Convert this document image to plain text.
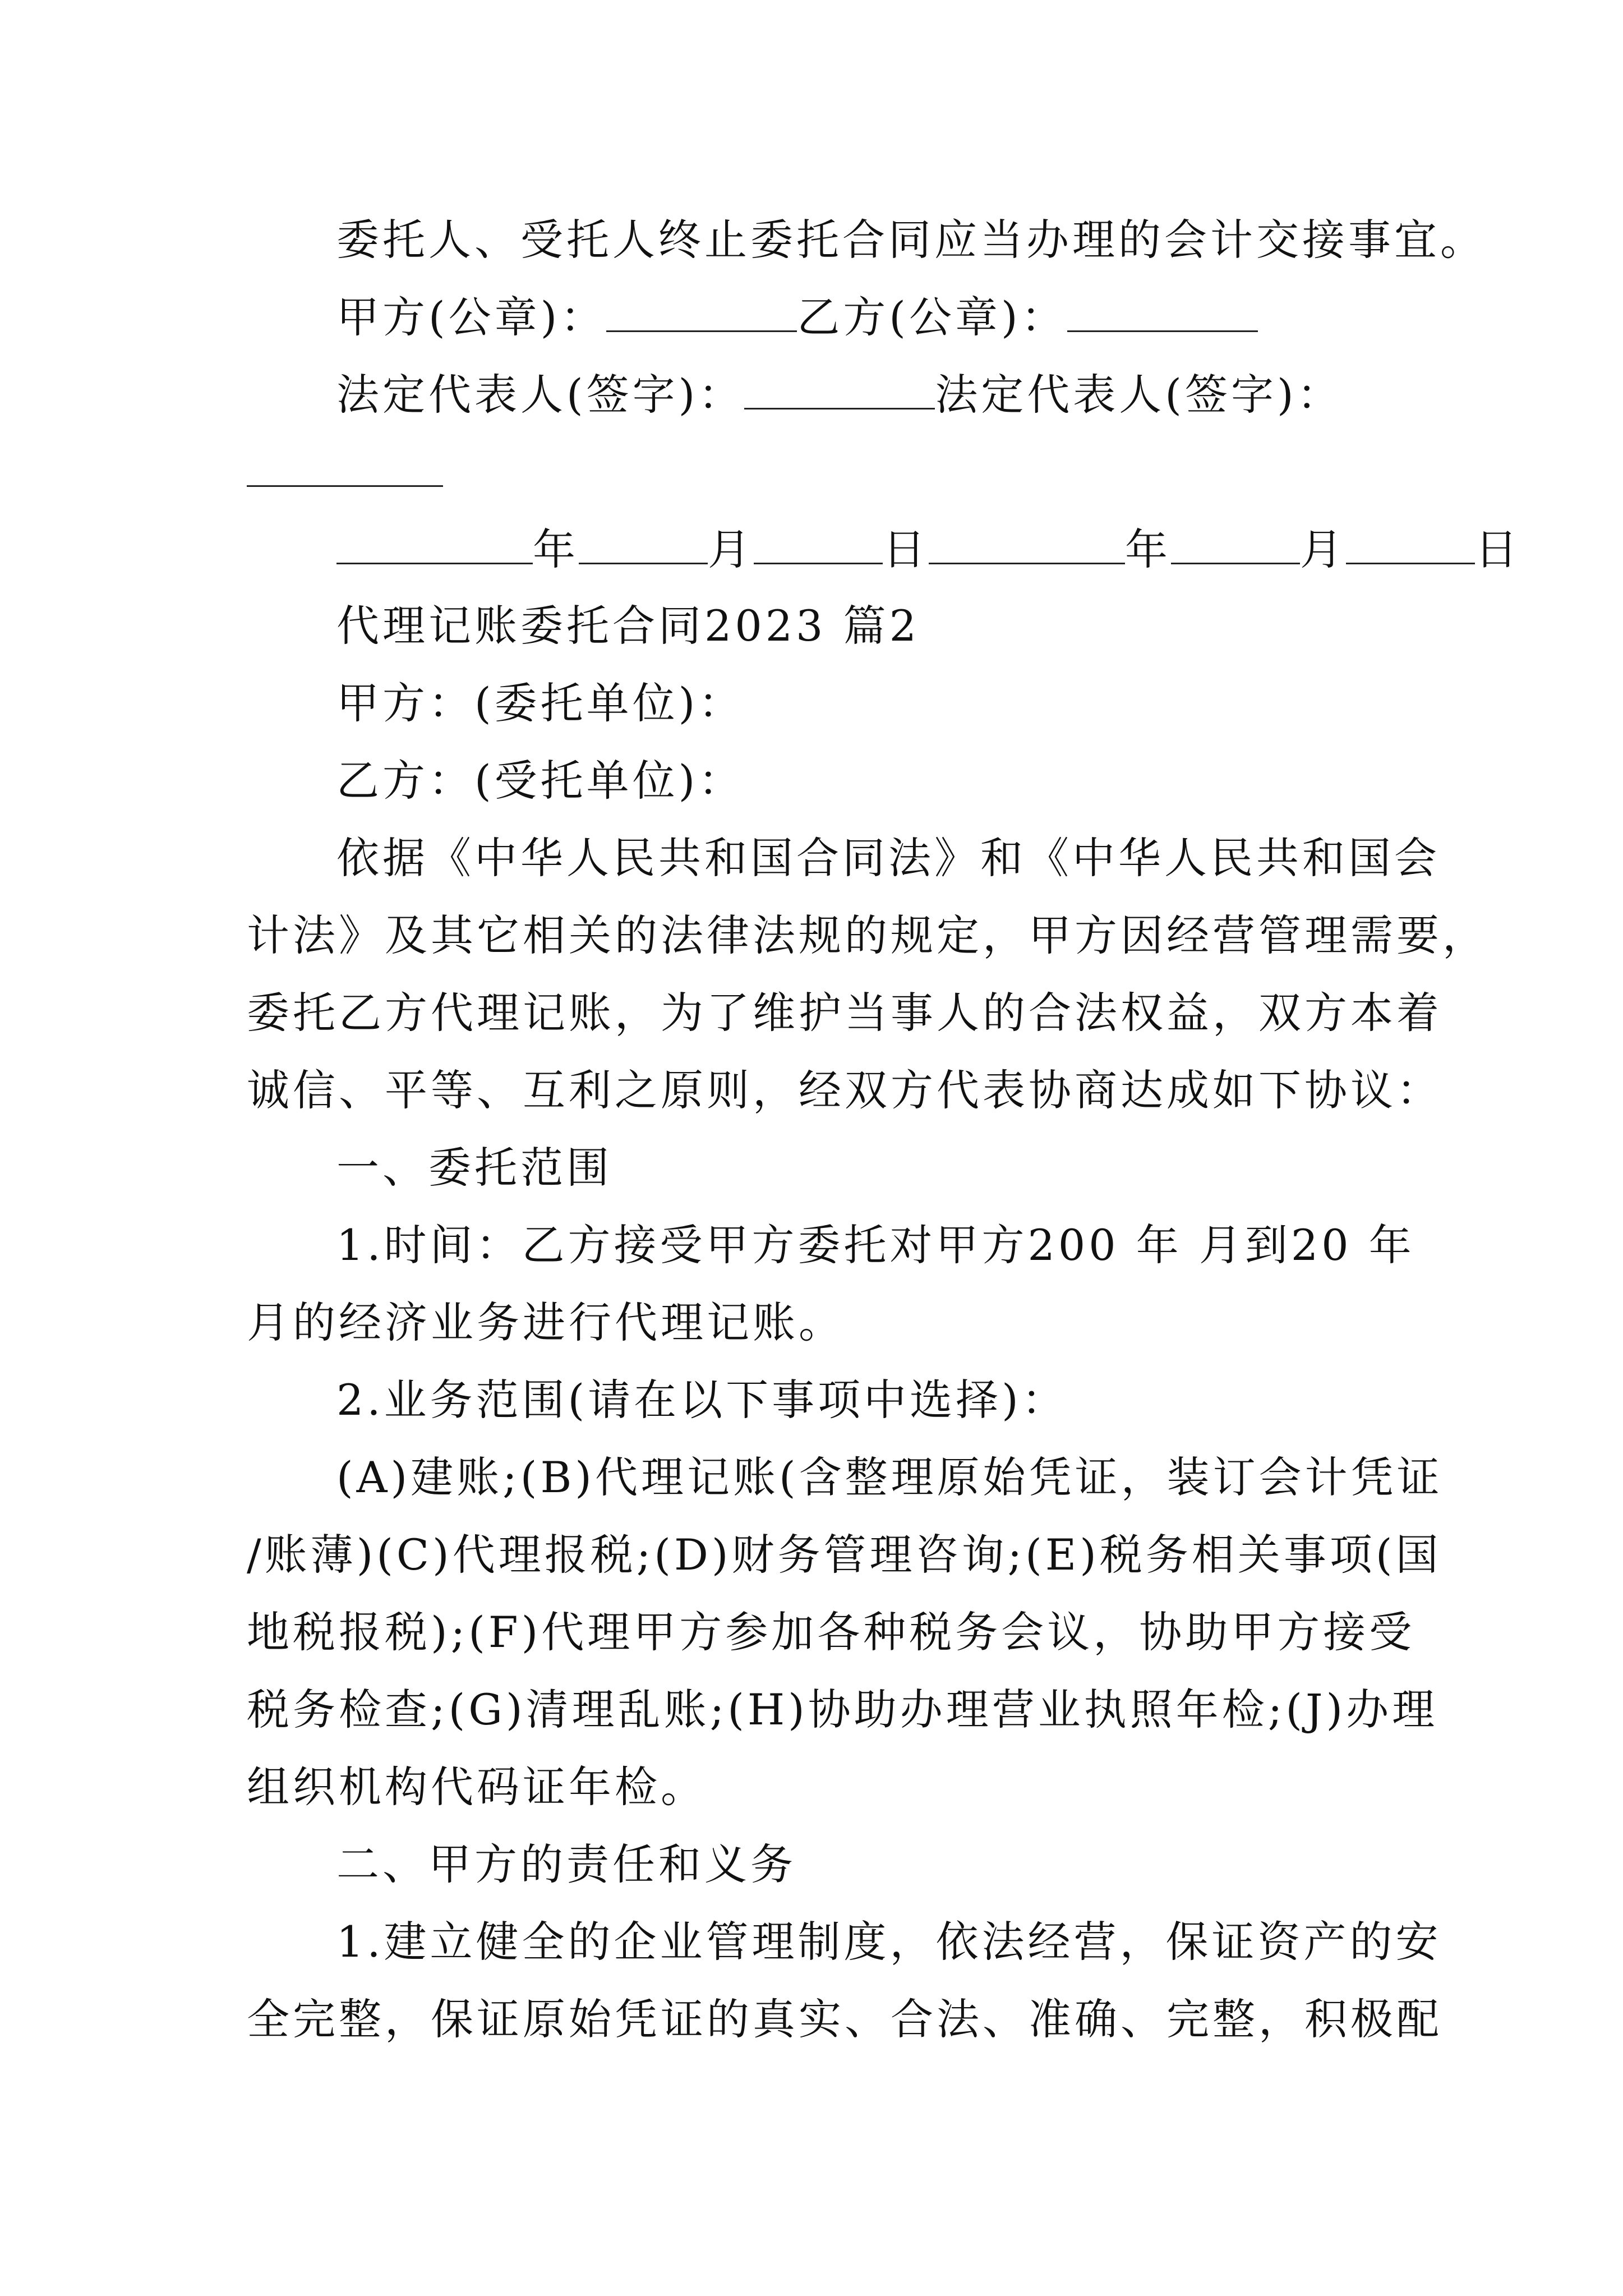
委托人、受托人终止委托合同应当办理的会计交接事宜。
甲方(公章)：	乙方(公章)：
法定代表人(签字)：	法定代表人(签字)：
年	月	日	年	月	日
代理记账委托合同2023 篇2
甲方：(委托单位)：
乙方：(受托单位)：
依据《中华人民共和国合同法》和《中华人民共和国会
计法》及其它相关的法律法规的规定，甲方因经营管理需要，
委托乙方代理记账，为了维护当事人的合法权益，双方本着
诚信、平等、互利之原则，经双方代表协商达成如下协议：
一、委托范围
1.时间：乙方接受甲方委托对甲方200 年 月到20 年
月的经济业务进行代理记账。
2.业务范围(请在以下事项中选择)：
(A)建账;(B)代理记账(含整理原始凭证，装订会计凭证
/账薄)(C)代理报税;(D)财务管理咨询;(E)税务相关事项(国
地税报税);(F)代理甲方参加各种税务会议，协助甲方接受
税务检查;(G)清理乱账;(H)协助办理营业执照年检;(J)办理
组织机构代码证年检。
二、甲方的责任和义务
1.建立健全的企业管理制度，依法经营，保证资产的安
全完整，保证原始凭证的真实、合法、准确、完整，积极配
